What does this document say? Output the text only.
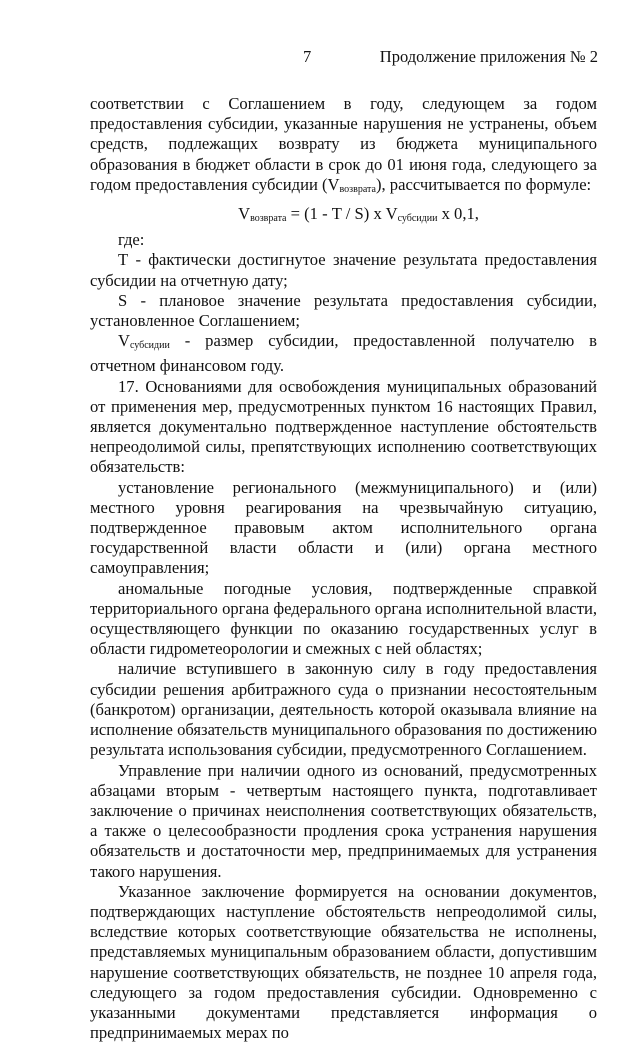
7	Продолжение приложения № 2

соответствии с Соглашением в году, следующем за годом предоставления субсидии, указанные нарушения не устранены, объем средств, подлежащих возврату из бюджета муниципального образования в бюджет области в срок до 01 июня года, следующего за годом предоставления субсидии $(V_{возврата})$, рассчитывается по формуле:

$V_{возврата} = (1 - T / S)$ x $V_{субсидии}$ x 0,1,

где:

Т - фактически достигнутое значение результата предоставления субсидии на отчетную дату;

S - плановое значение результата предоставления субсидии, установленное Соглашением;

$V_{субсидии}$ - размер субсидии, предоставленной получателю в отчетном финансовом году.

17. Основаниями для освобождения муниципальных образований от применения мер, предусмотренных пунктом 16 настоящих Правил, является документально подтвержденное наступление обстоятельств непреодолимой силы, препятствующих исполнению соответствующих обязательств:

установление регионального (межмуниципального) и (или) местного уровня реагирования на чрезвычайную ситуацию, подтвержденное правовым актом исполнительного органа государственной власти области и (или) органа местного самоуправления;

аномальные погодные условия, подтвержденные справкой территориального органа федерального органа исполнительной власти, осуществляющего функции по оказанию государственных услуг в области гидрометеорологии и смежных с ней областях;

наличие вступившего в законную силу в году предоставления субсидии решения арбитражного суда о признании несостоятельным (банкротом) организации, деятельность которой оказывала влияние на исполнение обязательств муниципального образования по достижению результата использования субсидии, предусмотренного Соглашением.

Управление при наличии одного из оснований, предусмотренных абзацами вторым - четвертым настоящего пункта, подготавливает заключение о причинах неисполнения соответствующих обязательств, а также о целесообразности продления срока устранения нарушения обязательств и достаточности мер, предпринимаемых для устранения такого нарушения.

Указанное заключение формируется на основании документов, подтверждающих наступление обстоятельств непреодолимой силы, вследствие которых соответствующие обязательства не исполнены, представляемых муниципальным образованием области, допустившим нарушение соответствующих обязательств, не позднее 10 апреля года, следующего за годом предоставления субсидии. Одновременно с указанными документами представляется информация о предпринимаемых мерах по
